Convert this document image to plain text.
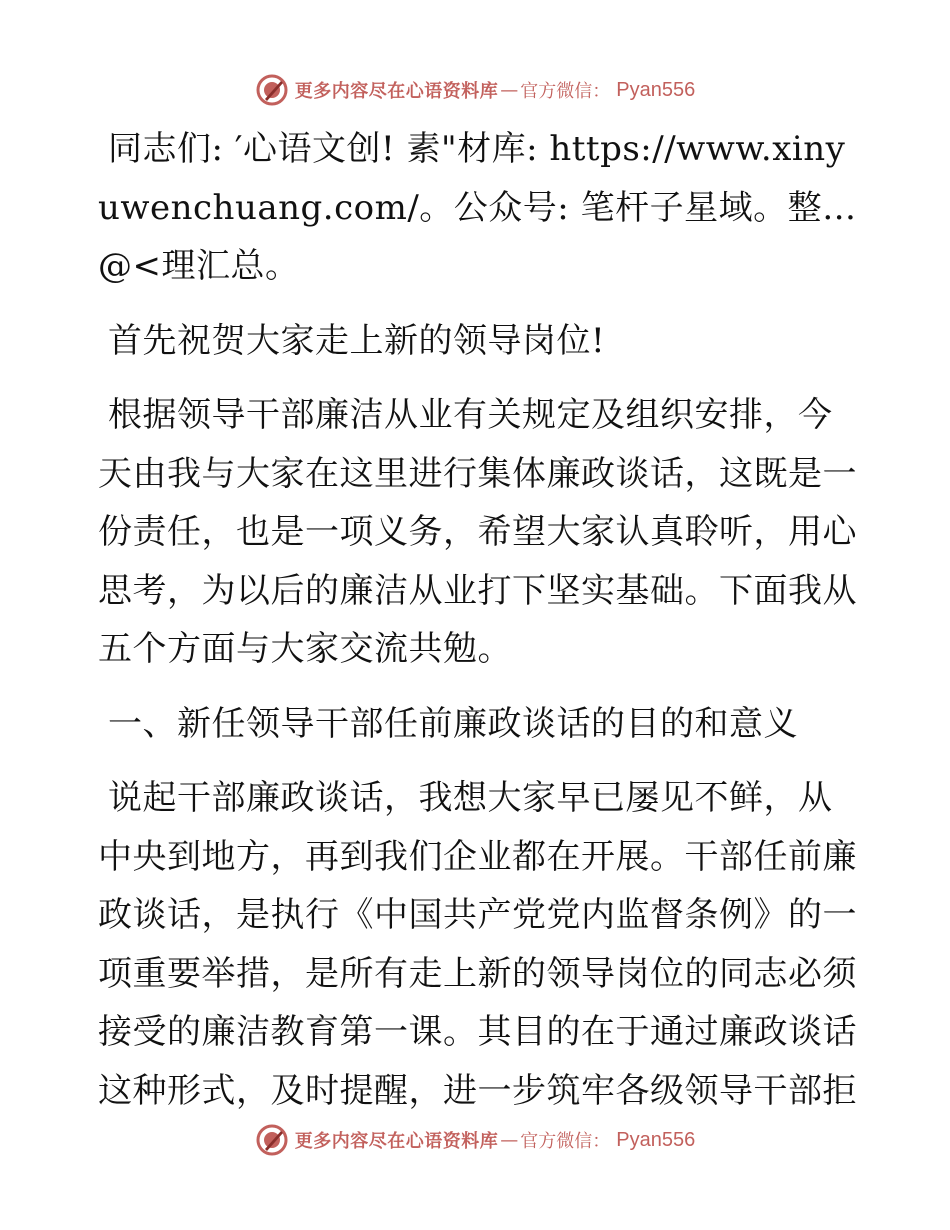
更多内容尽在心语资料库 — 官方微信： Pyan556

同志们: ′心语文创! 素"材库: https://www.xinyuwenchuang.com/。公众号: 笔杆子星域。整…@<理汇总。

首先祝贺大家走上新的领导岗位!

根据领导干部廉洁从业有关规定及组织安排，今天由我与大家在这里进行集体廉政谈话，这既是一份责任，也是一项义务，希望大家认真聆听，用心思考，为以后的廉洁从业打下坚实基础。下面我从五个方面与大家交流共勉。

一、新任领导干部任前廉政谈话的目的和意义

说起干部廉政谈话，我想大家早已屡见不鲜，从中央到地方，再到我们企业都在开展。干部任前廉政谈话，是执行《中国共产党党内监督条例》的一项重要举措，是所有走上新的领导岗位的同志必须接受的廉洁教育第一课。其目的在于通过廉政谈话这种形式，及时提醒，进一步筑牢各级领导干部拒

更多内容尽在心语资料库 — 官方微信： Pyan556
